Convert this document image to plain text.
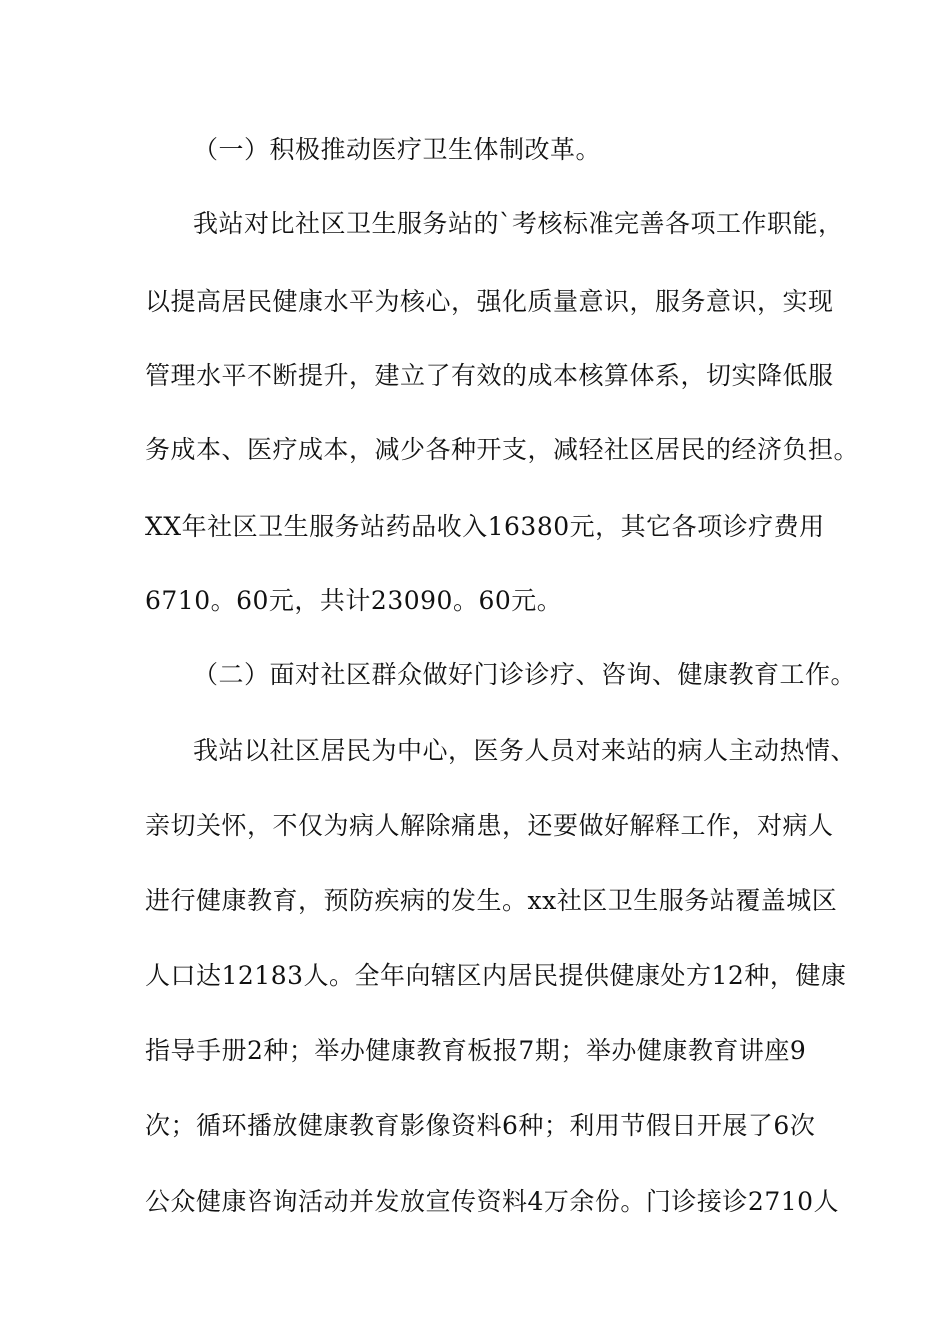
（一）积极推动医疗卫生体制改革。
我站对比社区卫生服务站的`考核标准完善各项工作职能，
以提高居民健康水平为核心，强化质量意识，服务意识，实现
管理水平不断提升，建立了有效的成本核算体系，切实降低服
务成本、医疗成本，减少各种开支，减轻社区居民的经济负担。
XX年社区卫生服务站药品收入16380元，其它各项诊疗费用
6710。60元，共计23090。60元。
（二）面对社区群众做好门诊诊疗、咨询、健康教育工作。
我站以社区居民为中心，医务人员对来站的病人主动热情、
亲切关怀，不仅为病人解除痛患，还要做好解释工作，对病人
进行健康教育，预防疾病的发生。xx社区卫生服务站覆盖城区
人口达12183人。全年向辖区内居民提供健康处方12种，健康
指导手册2种；举办健康教育板报7期；举办健康教育讲座9
次；循环播放健康教育影像资料6种；利用节假日开展了6次
公众健康咨询活动并发放宣传资料4万余份。门诊接诊2710人
